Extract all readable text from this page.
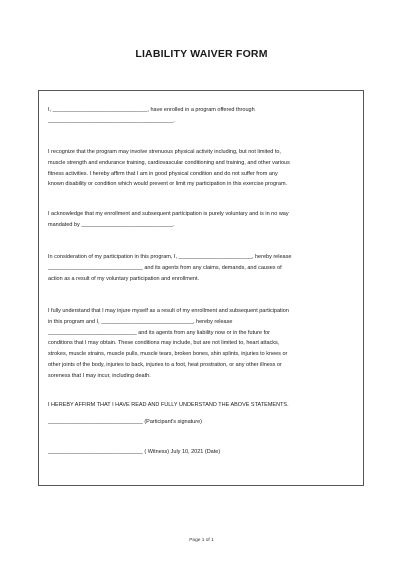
LIABILITY WAIVER FORM
I, _______________________________, have enrolled in a program offered through
_________________________________________.
I recognize that the program may involve strenuous physical activity including, but not limited to,
muscle strength and endurance training, cardiovascular conditioning and training, and other various
fitness activities. I hereby affirm that I am in good physical condition and do not suffer from any
known disability or condition which would prevent or limit my participation in this exercise program.
I acknowledge that my enrollment and subsequent participation is purely voluntary and is in no way
mandated by ______________________________.
In consideration of my participation in this program, I, ________________________, hereby release
_______________________________ and its agents from any claims, demands, and causes of
action as a result of my voluntary participation and enrollment.
I fully understand that I may injure myself as a result of my enrollment and subsequent participation
in this program and I, ______________________________, hereby release
_____________________________ and its agents from any liability now or in the future for
conditions that I may obtain. These conditions may include, but are not limited to, heart attacks,
strokes, muscle strains, muscle pulls, muscle tears, broken bones, shin splints, injuries to knees or
other joints of the body, injuries to back, injuries to a foot, heat prostration, or any other illness or
soreness that I may incur, including death.
I HEREBY AFFIRM THAT I HAVE READ AND FULLY UNDERSTAND THE ABOVE STATEMENTS.
_______________________________ (Participant's signature)
_______________________________ ( Witness) July 10, 2021 (Date)
Page 1 of 1
